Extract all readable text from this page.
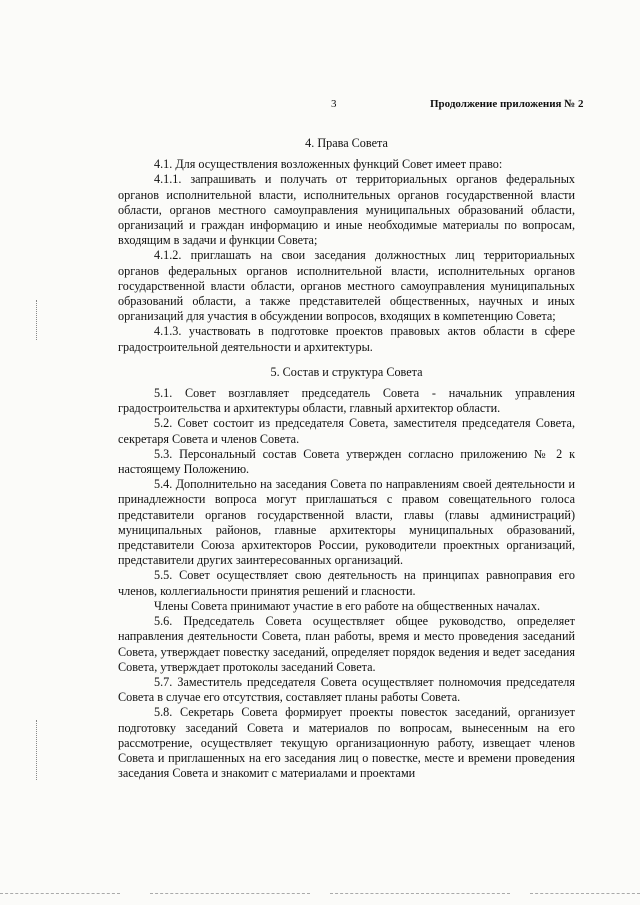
3	Продолжение приложения № 2
4. Права Совета

4.1. Для осуществления возложенных функций Совет имеет право:

4.1.1. запрашивать и получать от территориальных органов федеральных органов исполнительной власти, исполнительных органов государственной власти области, органов местного самоуправления муниципальных образований области, организаций и граждан информацию и иные необходимые материалы по вопросам, входящим в задачи и функции Совета;

4.1.2. приглашать на свои заседания должностных лиц территориальных органов федеральных органов исполнительной власти, исполнительных органов государственной власти области, органов местного самоуправления муниципальных образований области, а также представителей общественных, научных и иных организаций для участия в обсуждении вопросов, входящих в компетенцию Совета;

4.1.3. участвовать в подготовке проектов правовых актов области в сфере градостроительной деятельности и архитектуры.

5. Состав и структура Совета

5.1. Совет возглавляет председатель Совета - начальник управления градостроительства и архитектуры области, главный архитектор области.

5.2. Совет состоит из председателя Совета, заместителя председателя Совета, секретаря Совета и членов Совета.

5.3. Персональный состав Совета утвержден согласно приложению № 2 к настоящему Положению.

5.4. Дополнительно на заседания Совета по направлениям своей деятельности и принадлежности вопроса могут приглашаться с правом совещательного голоса представители органов государственной власти, главы (главы администраций) муниципальных районов, главные архитекторы муниципальных образований, представители Союза архитекторов России, руководители проектных организаций, представители других заинтересованных организаций.

5.5. Совет осуществляет свою деятельность на принципах равноправия его членов, коллегиальности принятия решений и гласности.

Члены Совета принимают участие в его работе на общественных началах.

5.6. Председатель Совета осуществляет общее руководство, определяет направления деятельности Совета, план работы, время и место проведения заседаний Совета, утверждает повестку заседаний, определяет порядок ведения и ведет заседания Совета, утверждает протоколы заседаний Совета.

5.7. Заместитель председателя Совета осуществляет полномочия председателя Совета в случае его отсутствия, составляет планы работы Совета.

5.8. Секретарь Совета формирует проекты повесток заседаний, организует подготовку заседаний Совета и материалов по вопросам, вынесенным на его рассмотрение, осуществляет текущую организационную работу, извещает членов Совета и приглашенных на его заседания лиц о повестке, месте и времени проведения заседания Совета и знакомит с материалами и проектами
